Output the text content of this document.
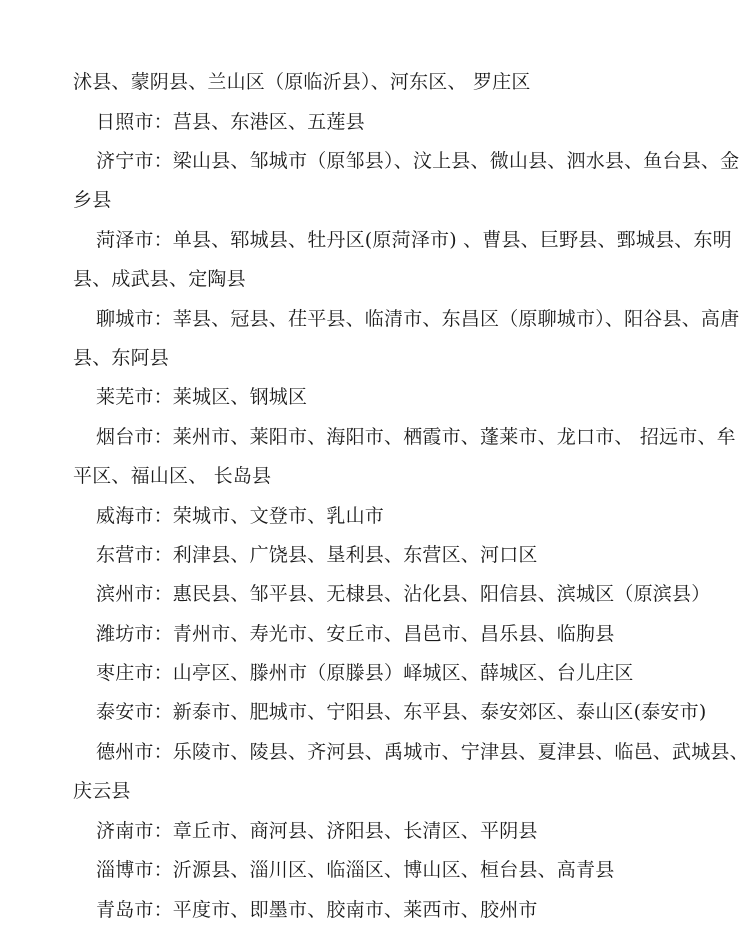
沭县、蒙阴县、兰山区（原临沂县）、河东区、 罗庄区
日照市：莒县、东港区、五莲县
济宁市：梁山县、邹城市（原邹县）、汶上县、微山县、泗水县、鱼台县、金
乡县
菏泽市：单县、郓城县、牡丹区(原菏泽市) 、曹县、巨野县、鄄城县、东明
县、成武县、定陶县
聊城市：莘县、冠县、茌平县、临清市、东昌区（原聊城市）、阳谷县、高唐
县、东阿县
莱芜市：莱城区、钢城区
烟台市：莱州市、莱阳市、海阳市、栖霞市、蓬莱市、龙口市、 招远市、牟
平区、福山区、 长岛县
威海市：荣城市、文登市、乳山市
东营市：利津县、广饶县、垦利县、东营区、河口区
滨州市：惠民县、邹平县、无棣县、沾化县、阳信县、滨城区（原滨县）
潍坊市：青州市、寿光市、安丘市、昌邑市、昌乐县、临朐县
枣庄市：山亭区、滕州市（原滕县）峄城区、薛城区、台儿庄区
泰安市：新泰市、肥城市、宁阳县、东平县、泰安郊区、泰山区(泰安市)
德州市：乐陵市、陵县、齐河县、禹城市、宁津县、夏津县、临邑、武城县、
庆云县
济南市：章丘市、商河县、济阳县、长清区、平阴县
淄博市：沂源县、淄川区、临淄区、博山区、桓台县、高青县
青岛市：平度市、即墨市、胶南市、莱西市、胶州市
